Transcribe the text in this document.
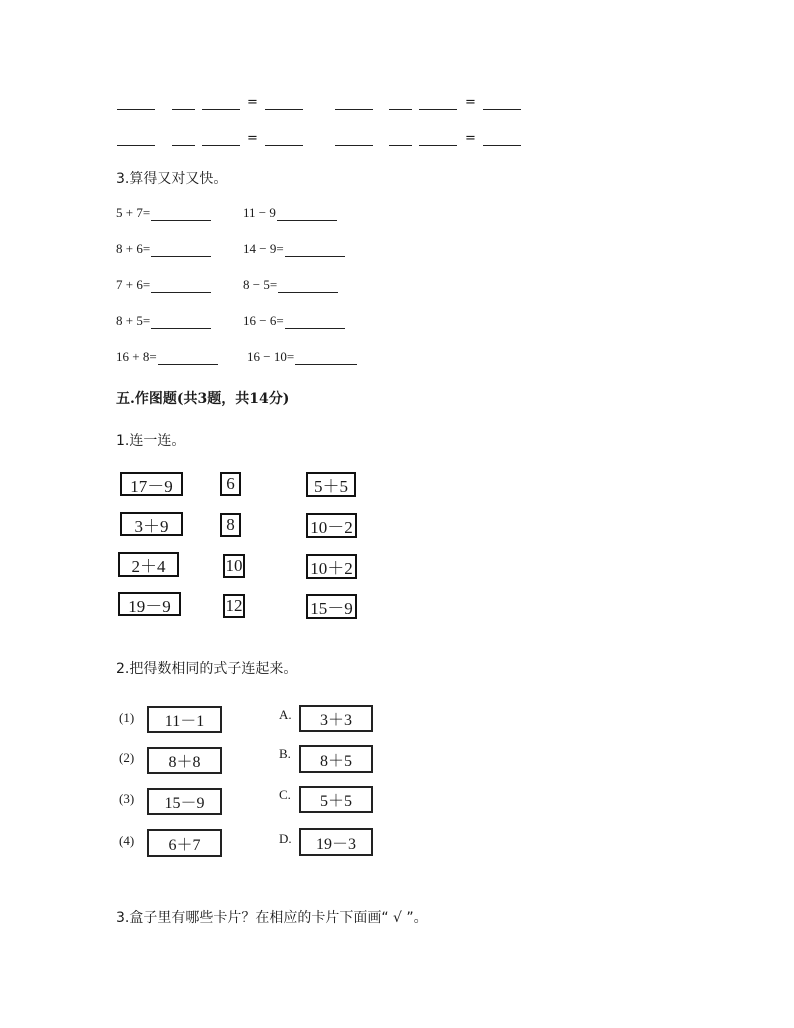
=	=
=	=
3.算得又对又快。
5 + 7=	11 − 9
8 + 6=	14 − 9=
7 + 6=	8 − 5=
8 + 5=	16 − 6=
16 + 8=	16 − 10=
五.作图题(共3题，共14分)
1.连一连。
17－9
3＋9
2＋4
19－9
6
8
10
12
5＋5
10－2
10＋2
15－9
2.把得数相同的式子连起来。
(1)
(2)
(3)
(4)
11－1
8＋8
15－9
6＋7
A.
B.
C.
D.
3＋3
8＋5
5＋5
19－3
3.盒子里有哪些卡片？在相应的卡片下面画“ √ ”。
